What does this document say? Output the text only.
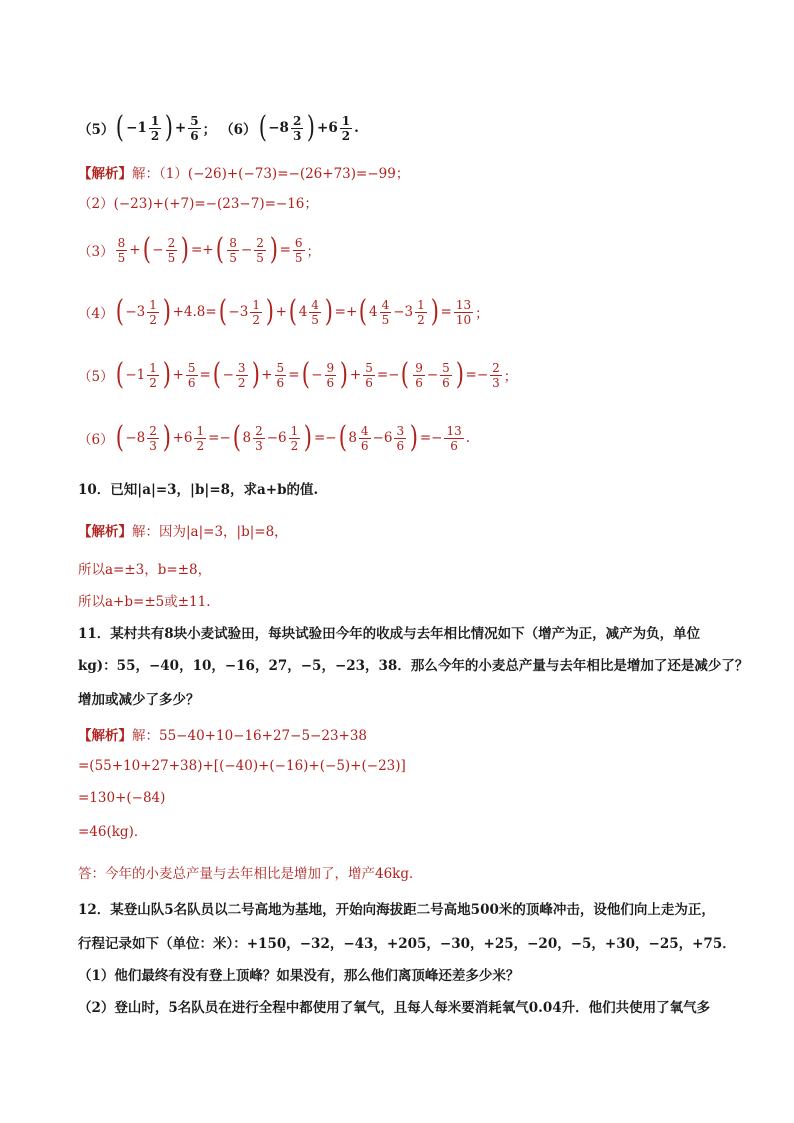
（5） ( − $1 \frac{1}{2}$ ) + $\frac{5}{6}$ ； （6） ( − $8 \frac{2}{3}$ ) + $6 \frac{1}{2}$ .
【解析】解：（1）(−26)+(−73)=−(26+73)=−99；
（2）(−23)+(+7)=−(23−7)=−16；
$(3) \frac{8}{5}$ + ( − $\frac{2}{5}$ ) = + ( $\frac{8}{5} - \frac{2}{5}$ ) = $\frac{6}{5}$ ；
（4） ( − $3 \frac{1}{2}$ ) + 4.8 = ( − $3 \frac{1}{2}$ ) + ( $4 \frac{4}{5}$ ) = + ( $4 \frac{4}{5} - 3 \frac{1}{2}$ ) = $\frac{13}{10}$ ；
（5） ( − $1 \frac{1}{2}$ ) + $\frac{5}{6}$ = ( − $\frac{3}{2}$ ) + $\frac{5}{6}$ = ( − $\frac{9}{6}$ ) + $\frac{5}{6}$ = − ( $\frac{9}{6} - \frac{5}{6}$ ) = − $\frac{2}{3}$ ；
（6） ( − $8 \frac{2}{3}$ ) + $6 \frac{1}{2}$ = − ( $8 \frac{2}{3} - 6 \frac{1}{2}$ ) = − ( $8 \frac{4}{6} - 6 \frac{3}{6}$ ) = − $\frac{13}{6}$ .
10．已知|a|=3，|b|=8，求a+b的值.
【解析】解：因为|a|=3，|b|=8，
所以a=±3，b=±8，
所以a+b=±5或±11.
11．某村共有8块小麦试验田，每块试验田今年的收成与去年相比情况如下（增产为正，减产为负，单位
kg)：55，−40，10，−16，27，−5，−23，38．那么今年的小麦总产量与去年相比是增加了还是减少了？
增加或减少了多少？
【解析】解：55−40+10−16+27−5−23+38
=(55+10+27+38)+[(−40)+(−16)+(−5)+(−23)]
=130+(−84)
=46(kg)．
答：今年的小麦总产量与去年相比是增加了，增产46kg．
12．某登山队5名队员以二号高地为基地，开始向海拔距二号高地500米的顶峰冲击，设他们向上走为正，
行程记录如下（单位：米）：+150，−32，−43，+205，−30，+25，−20，−5，+30，−25，+75．
（1）他们最终有没有登上顶峰？如果没有，那么他们离顶峰还差多少米？
（2）登山时，5名队员在进行全程中都使用了氧气，且每人每米要消耗氧气0.04升．他们共使用了氧气多
